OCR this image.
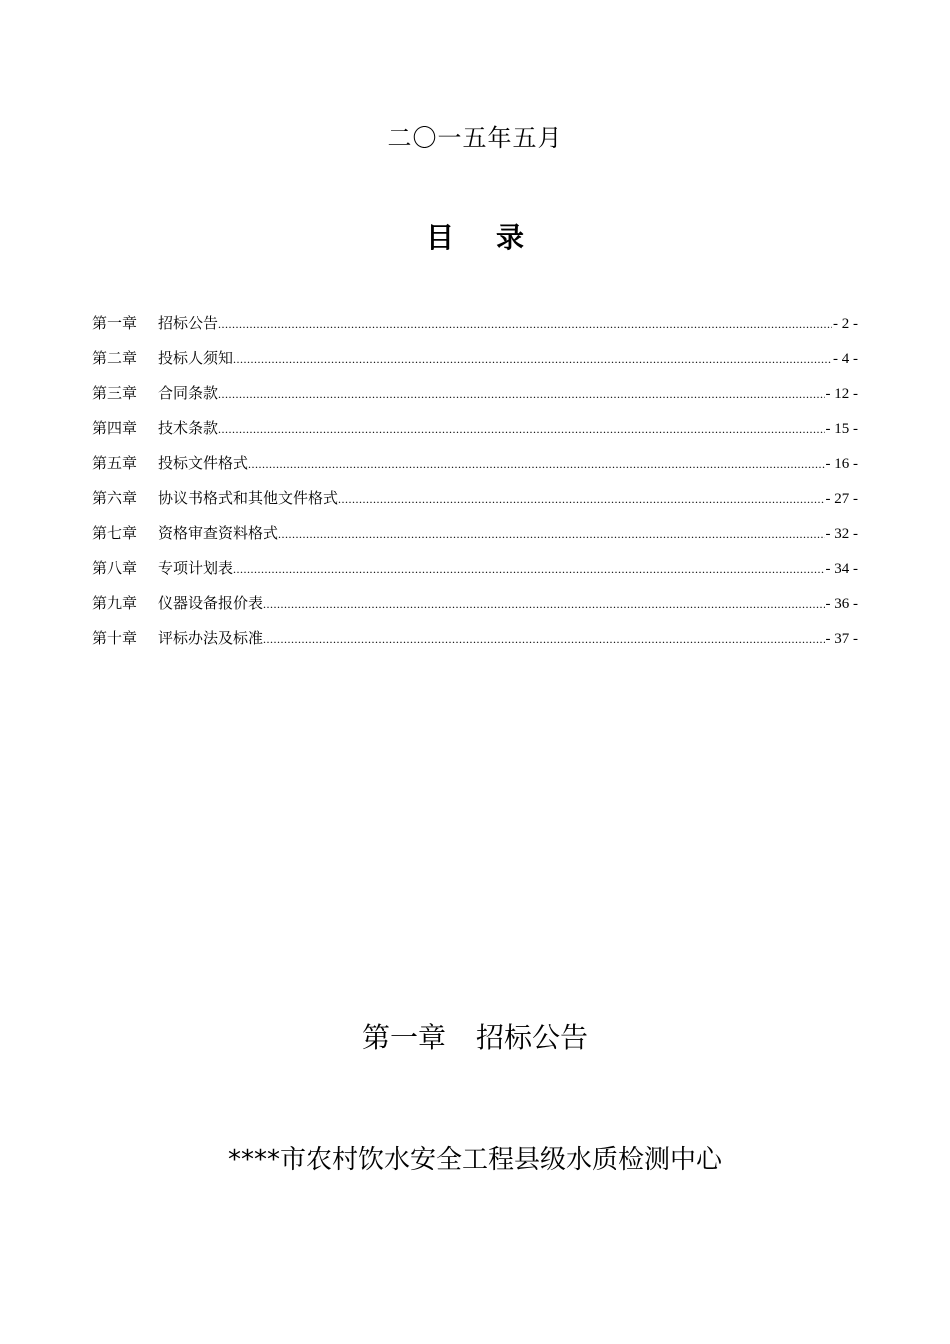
二〇一五年五月
目 录
第一章	招标公告 .....	- 2 -
第二章	投标人须知 .....	- 4 -
第三章	合同条款 .....	- 12 -
第四章	技术条款 .....	- 15 -
第五章	投标文件格式 .....	- 16 -
第六章	协议书格式和其他文件格式 .....	- 27 -
第七章	资格审查资料格式 .....	- 32 -
第八章	专项计划表 .....	- 34 -
第九章	仪器设备报价表 .....	- 36 -
第十章	评标办法及标准 .....	- 37 -
第一章 招标公告
****市农村饮水安全工程县级水质检测中心
